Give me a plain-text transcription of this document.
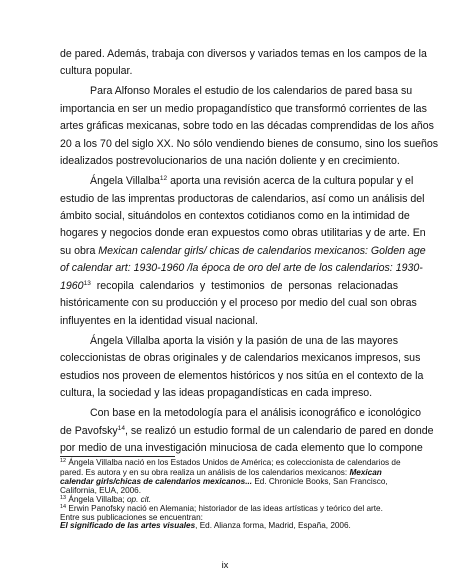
de pared. Además, trabaja con diversos y variados temas en los campos de la
cultura popular.
Para Alfonso Morales el estudio de los calendarios de pared basa su
importancia en ser un medio propagandístico que transformó corrientes de las
artes gráficas mexicanas, sobre todo en las décadas comprendidas de los años
20 a los 70 del siglo XX. No sólo vendiendo bienes de consumo, sino los sueños
idealizados postrevolucionarios de una nación doliente y en crecimiento.
Ángela Villalba$^{12}$ aporta una revisión acerca de la cultura popular y el
estudio de las imprentas productoras de calendarios, así como un análisis del
ámbito social, situándolos en contextos cotidianos como en la intimidad de
hogares y negocios donde eran expuestos como obras utilitarias y de arte. En
su obra Mexican calendar girls/ chicas de calendarios mexicanos: Golden age
of calendar art: 1930-1960 /la época de oro del arte de los calendarios: 1930-
1960$^{13}$ recopila calendarios y testimonios de personas relacionadas
históricamente con su producción y el proceso por medio del cual son obras
influyentes en la identidad visual nacional.
Ángela Villalba aporta la visión y la pasión de una de las mayores
coleccionistas de obras originales y de calendarios mexicanos impresos, sus
estudios nos proveen de elementos históricos y nos sitúa en el contexto de la
cultura, la sociedad y las ideas propagandísticas en cada impreso.
Con base en la metodología para el análisis iconográfico e iconológico
de Pavofsky$^{14}$, se realizó un estudio formal de un calendario de pared en donde
por medio de una investigación minuciosa de cada elemento que lo compone
$^{12}$ Ángela Villalba nació en los Estados Unidos de América; es coleccionista de calendarios de
pared. Es autora y en su obra realiza un análisis de los calendarios mexicanos: Mexican
calendar girls/chicas de calendarios mexicanos... Ed. Chronicle Books, San Francisco,
California, EUA, 2006.
$^{13}$ Ángela Villalba; op. cit.
$^{14}$ Erwin Panofsky nació en Alemania; historiador de las ideas artísticas y teórico del arte.
Entre sus publicaciones se encuentran:
El significado de las artes visuales, Ed. Alianza forma, Madrid, España, 2006.
ix
